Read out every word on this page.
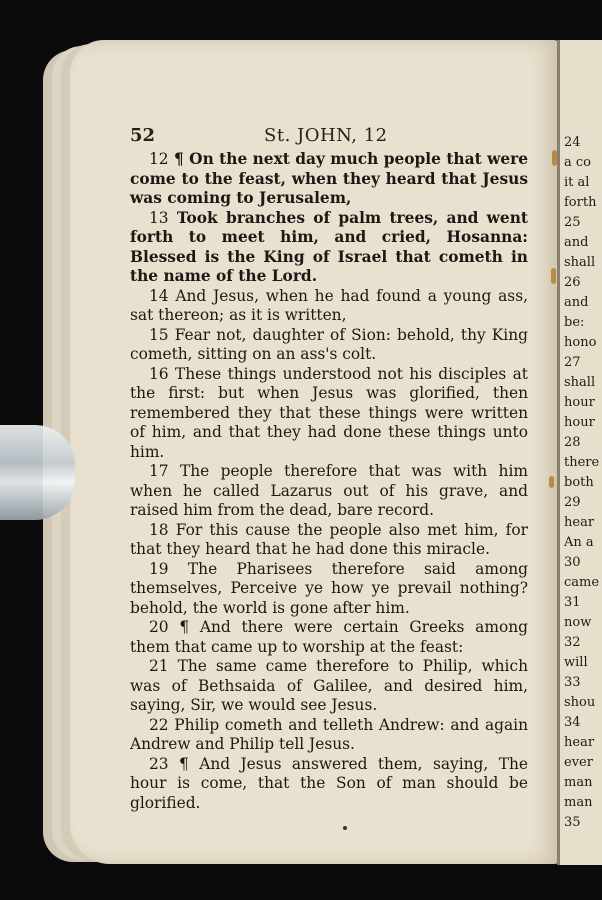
24
a co
it al
forth
25
and
shall
26
and
be:
hono
27
shall
hour
hour
28
there
both
29
hear
An a
30
came
31
now
32
will
33
shou
34
hear
ever
man
man
35
52	St. JOHN, 12

12 ¶ On the next day much people that were come to the feast, when they heard that Jesus was coming to Jerusalem,

13 Took branches of palm trees, and went forth to meet him, and cried, Hosanna: Blessed is the King of Israel that cometh in the name of the Lord.

14 And Jesus, when he had found a young ass, sat thereon; as it is written,

15 Fear not, daughter of Sion: behold, thy King cometh, sitting on an ass's colt.

16 These things understood not his disciples at the first: but when Jesus was glorified, then remembered they that these things were written of him, and that they had done these things unto him.

17 The people therefore that was with him when he called Lazarus out of his grave, and raised him from the dead, bare record.

18 For this cause the people also met him, for that they heard that he had done this miracle.

19 The Pharisees therefore said among themselves, Perceive ye how ye prevail nothing? behold, the world is gone after him.

20 ¶ And there were certain Greeks among them that came up to worship at the feast:

21 The same came therefore to Philip, which was of Bethsaida of Galilee, and desired him, saying, Sir, we would see Jesus.

22 Philip cometh and telleth Andrew: and again Andrew and Philip tell Jesus.

23 ¶ And Jesus answered them, saying, The hour is come, that the Son of man should be glorified.
